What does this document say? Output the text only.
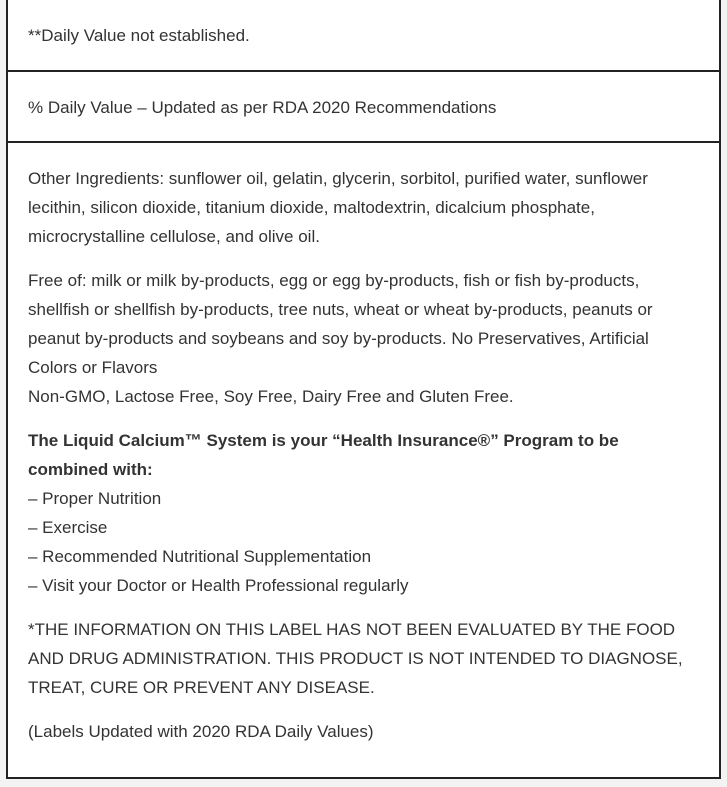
**Daily Value not established.
% Daily Value – Updated as per RDA 2020 Recommendations

Other Ingredients: sunflower oil, gelatin, glycerin, sorbitol, purified water, sunflower lecithin, silicon dioxide, titanium dioxide, maltodextrin, dicalcium phosphate, microcrystalline cellulose, and olive oil.

Free of: milk or milk by-products, egg or egg by-products, fish or fish by-products, shellfish or shellfish by-products, tree nuts, wheat or wheat by-products, peanuts or peanut by-products and soybeans and soy by-products. No Preservatives, Artificial Colors or Flavors
Non-GMO, Lactose Free, Soy Free, Dairy Free and Gluten Free.

The Liquid Calcium™ System is your “Health Insurance®” Program to be combined with:
– Proper Nutrition
– Exercise
– Recommended Nutritional Supplementation
– Visit your Doctor or Health Professional regularly

*THE INFORMATION ON THIS LABEL HAS NOT BEEN EVALUATED BY THE FOOD AND DRUG ADMINISTRATION. THIS PRODUCT IS NOT INTENDED TO DIAGNOSE, TREAT, CURE OR PREVENT ANY DISEASE.

(Labels Updated with 2020 RDA Daily Values)
